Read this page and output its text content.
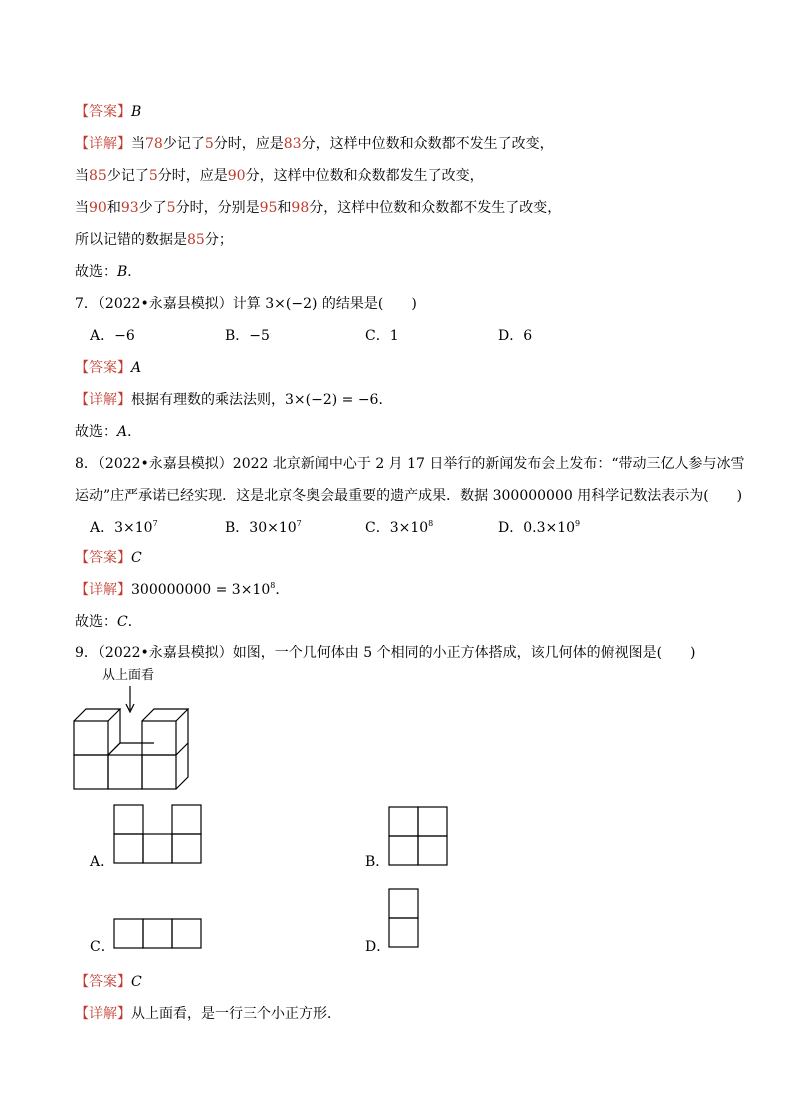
【答案】B
【详解】当78少记了5分时，应是83分，这样中位数和众数都不发生了改变，
当85少记了5分时，应是90分，这样中位数和众数都发生了改变，
当90和93少了5分时，分别是95和98分，这样中位数和众数都不发生了改变，
所以记错的数据是85分；
故选：B．
7．（2022•永嘉县模拟）计算 3×(−2) 的结果是(　　)
A．−6	B．−5	C．1	D．6
【答案】A
【详解】根据有理数的乘法法则，3×(−2) = −6．
故选：A．
8．（2022•永嘉县模拟）2022 北京新闻中心于 2 月 17 日举行的新闻发布会上发布：“带动三亿人参与冰雪
运动”庄严承诺已经实现．这是北京冬奥会最重要的遗产成果．数据 300000000 用科学记数法表示为(　　)
A．$3\times 10^7$	B．$30\times 10^7$	C．$3\times 10^8$	D．$0.3\times 10^9$
【答案】C
【详解】$300000000 = 3\times 10^8$．
故选：C．
9．（2022•永嘉县模拟）如图，一个几何体由 5 个相同的小正方体搭成，该几何体的俯视图是(　　)
从上面看
A．	B．
C．	D．
【答案】C
【详解】从上面看，是一行三个小正方形．
